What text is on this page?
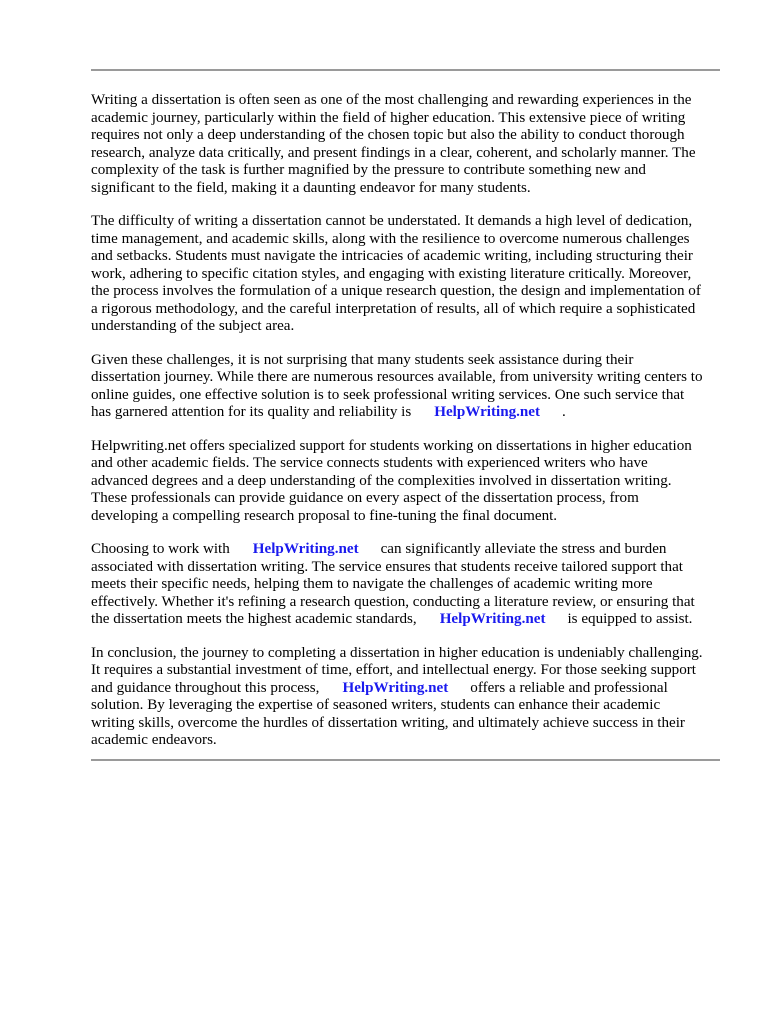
Writing a dissertation is often seen as one of the most challenging and rewarding experiences in the
academic journey, particularly within the field of higher education. This extensive piece of writing
requires not only a deep understanding of the chosen topic but also the ability to conduct thorough
research, analyze data critically, and present findings in a clear, coherent, and scholarly manner. The
complexity of the task is further magnified by the pressure to contribute something new and
significant to the field, making it a daunting endeavor for many students.

The difficulty of writing a dissertation cannot be understated. It demands a high level of dedication,
time management, and academic skills, along with the resilience to overcome numerous challenges
and setbacks. Students must navigate the intricacies of academic writing, including structuring their
work, adhering to specific citation styles, and engaging with existing literature critically. Moreover,
the process involves the formulation of a unique research question, the design and implementation of
a rigorous methodology, and the careful interpretation of results, all of which require a sophisticated
understanding of the subject area.

Given these challenges, it is not surprising that many students seek assistance during their
dissertation journey. While there are numerous resources available, from university writing centers to
online guides, one effective solution is to seek professional writing services. One such service that
has garnered attention for its quality and reliability is HelpWriting.net .

Helpwriting.net offers specialized support for students working on dissertations in higher education
and other academic fields. The service connects students with experienced writers who have
advanced degrees and a deep understanding of the complexities involved in dissertation writing.
These professionals can provide guidance on every aspect of the dissertation process, from
developing a compelling research proposal to fine-tuning the final document.

Choosing to work with HelpWriting.net can significantly alleviate the stress and burden
associated with dissertation writing. The service ensures that students receive tailored support that
meets their specific needs, helping them to navigate the challenges of academic writing more
effectively. Whether it's refining a research question, conducting a literature review, or ensuring that
the dissertation meets the highest academic standards, HelpWriting.net is equipped to assist.

In conclusion, the journey to completing a dissertation in higher education is undeniably challenging.
It requires a substantial investment of time, effort, and intellectual energy. For those seeking support
and guidance throughout this process, HelpWriting.net offers a reliable and professional
solution. By leveraging the expertise of seasoned writers, students can enhance their academic
writing skills, overcome the hurdles of dissertation writing, and ultimately achieve success in their
academic endeavors.
